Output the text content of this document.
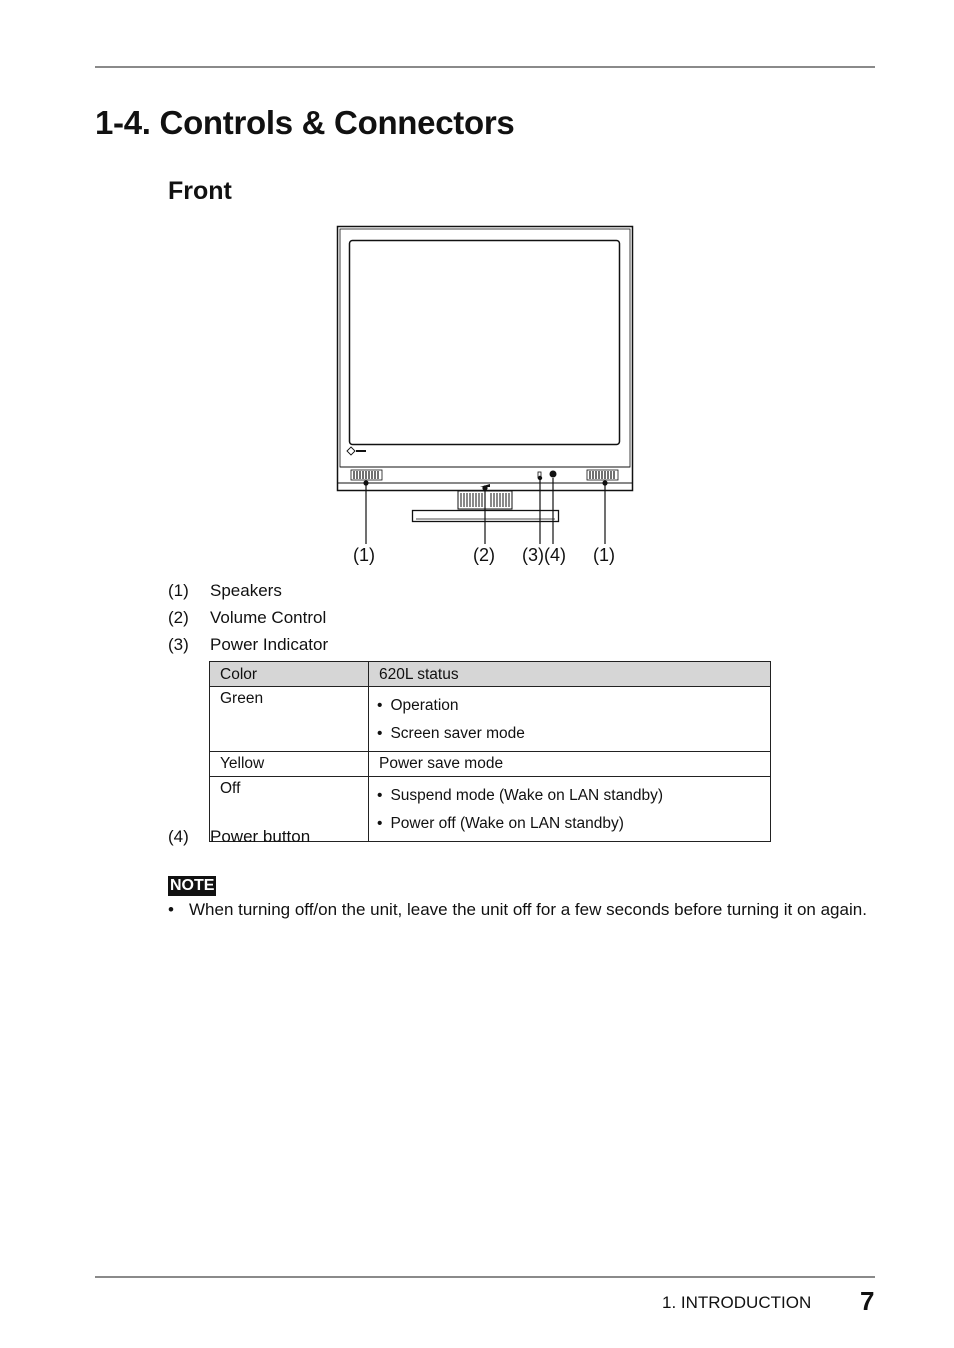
1-4. Controls & Connectors
Front
(1)	(2) (3)(4) (1)
(1) Speakers
(2) Volume Control
(3) Power Indicator
Color	620L status
Green	• Operation
• Screen saver mode

Yellow	Power save mode
Off	• Suspend mode (Wake on LAN standby)
• Power off (Wake on LAN standby)
(4) Power button
NOTE
• When turning off/on the unit, leave the unit off for a few seconds before turning it on again.
1. INTRODUCTION 7
